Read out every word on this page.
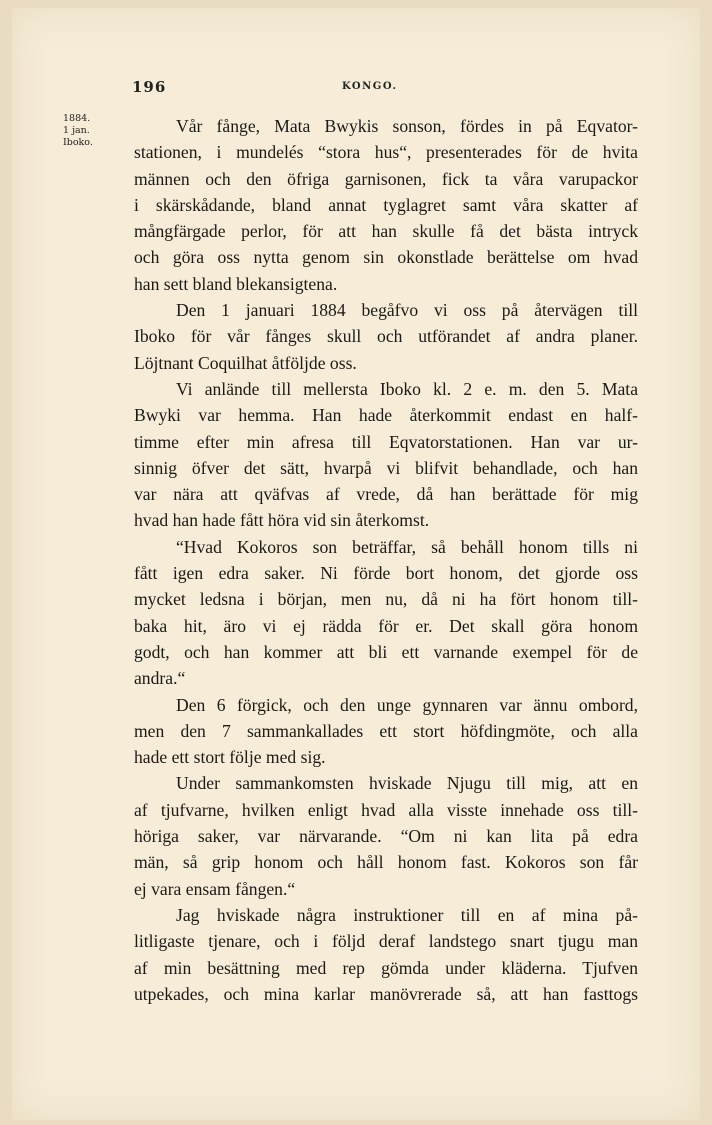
196	KONGO.
1884.
1 jan.
Iboko.
Vår fånge, Mata Bwykis sonson, fördes in på Eqvator-
stationen, i mundelés “stora hus“, presenterades för de hvita
männen och den öfriga garnisonen, fick ta våra varupackor
i skärskådande, bland annat tyglagret samt våra skatter af
mångfärgade perlor, för att han skulle få det bästa intryck
och göra oss nytta genom sin okonstlade berättelse om hvad
han sett bland blekansigtena.
Den 1 januari 1884 begåfvo vi oss på återvägen till
Iboko för vår fånges skull och utförandet af andra planer.
Löjtnant Coquilhat åtföljde oss.
Vi anlände till mellersta Iboko kl. 2 e. m. den 5. Mata
Bwyki var hemma. Han hade återkommit endast en half-
timme efter min afresa till Eqvatorstationen. Han var ur-
sinnig öfver det sätt, hvarpå vi blifvit behandlade, och han
var nära att qväfvas af vrede, då han berättade för mig
hvad han hade fått höra vid sin återkomst.
“Hvad Kokoros son beträffar, så behåll honom tills ni
fått igen edra saker. Ni förde bort honom, det gjorde oss
mycket ledsna i början, men nu, då ni ha fört honom till-
baka hit, äro vi ej rädda för er. Det skall göra honom
godt, och han kommer att bli ett varnande exempel för de
andra.“
Den 6 förgick, och den unge gynnaren var ännu ombord,
men den 7 sammankallades ett stort höfdingmöte, och alla
hade ett stort följe med sig.
Under sammankomsten hviskade Njugu till mig, att en
af tjufvarne, hvilken enligt hvad alla visste innehade oss till-
höriga saker, var närvarande. “Om ni kan lita på edra
män, så grip honom och håll honom fast. Kokoros son får
ej vara ensam fången.“
Jag hviskade några instruktioner till en af mina på-
litligaste tjenare, och i följd deraf landstego snart tjugu man
af min besättning med rep gömda under kläderna. Tjufven
utpekades, och mina karlar manövrerade så, att han fasttogs
